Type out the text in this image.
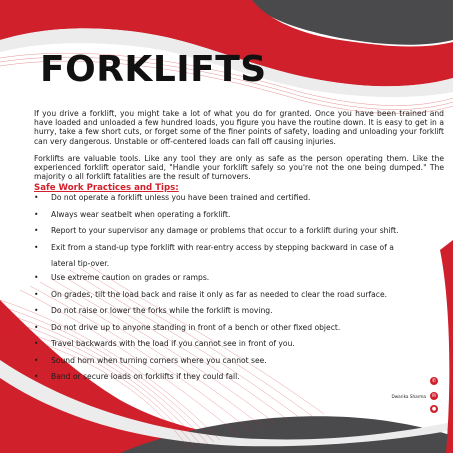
FORKLIFTS

If you drive a forklift, you might take a lot of what you do for granted. Once you have been trained and have loaded and unloaded a few hundred loads, you figure you have the routine down. It is easy to get in a hurry, take a few short cuts, or forget some of the finer points of safety, loading and unloading your forklift can very dangerous. Unstable or off-centered loads can fall off causing injuries.

Forklifts are valuable tools. Like any tool they are only as safe as the person operating them. Like the experienced forklift operator said, "Handle your forklift safely so you're not the one being dumped." The majority o all forklift fatalities are the result of turnovers.

Safe Work Practices and Tips:
• Do not operate a forklift unless you have been trained and certified.
• Always wear seatbelt when operating a forklift.
• Report to your supervisor any damage or problems that occur to a forklift during your shift.
• Exit from a stand-up type forklift with rear-entry access by stepping backward in case of a
lateral tip-over.
• Use extreme caution on grades or ramps.
• On grades, tilt the load back and raise it only as far as needed to clear the road surface.
• Do not raise or lower the forks while the forklift is moving.
• Do not drive up to anyone standing in front of a bench or other fixed object.
• Travel backwards with the load if you cannot see in front of you.
• Sound horn when turning corners where you cannot see.
• Band or secure loads on forklifts if they could fall.	✆
Dwarika Sharma	✉
●
